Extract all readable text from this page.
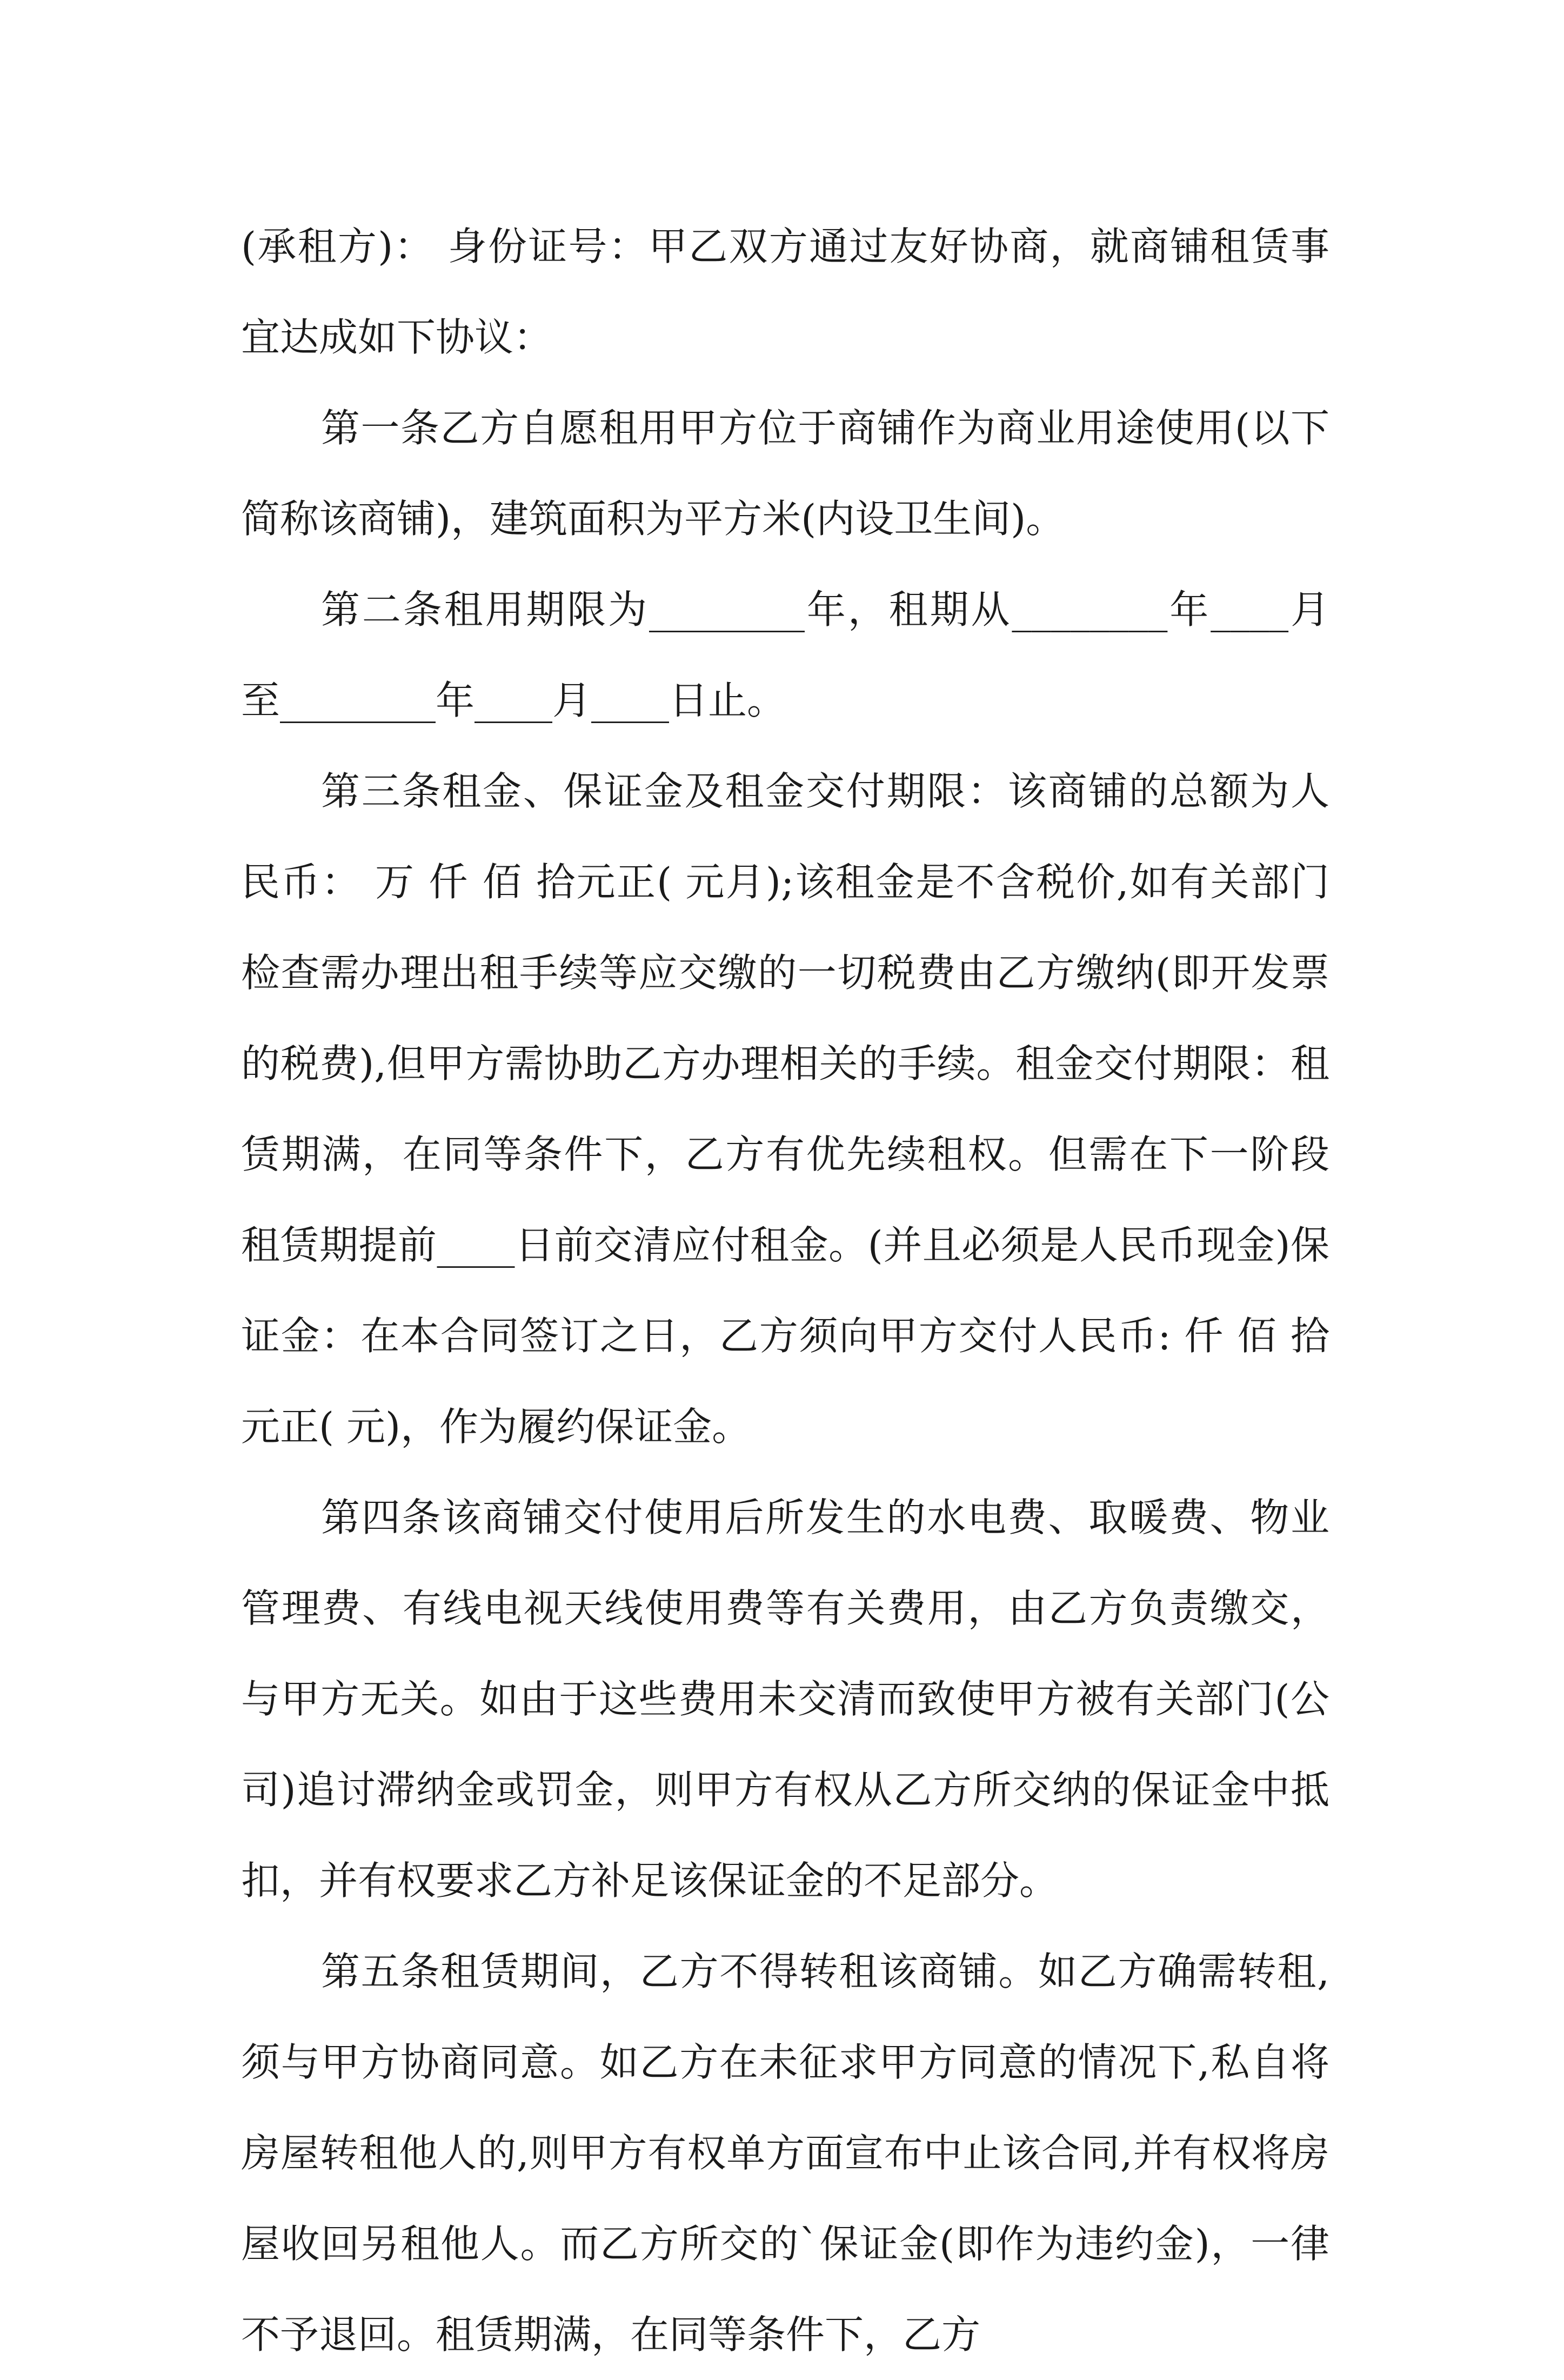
(承租方)： 身份证号：甲乙双方通过友好协商，就商铺租赁事宜达成如下协议：

第一条乙方自愿租用甲方位于商铺作为商业用途使用(以下简称该商铺)，建筑面积为平方米(内设卫生间)。

第二条租用期限为________年，租期从________年____月 至________年____月____日止。

第三条租金、保证金及租金交付期限：该商铺的总额为人民币： 万 仟 佰 拾元正( 元月);该租金是不含税价,如有关部门检查需办理出租手续等应交缴的一切税费由乙方缴纳(即开发票的税费),但甲方需协助乙方办理相关的手续。租金交付期限：租赁期满，在同等条件下，乙方有优先续租权。但需在下一阶段租赁期提前____日前交清应付租金。(并且必须是人民币现金)保证金：在本合同签订之日，乙方须向甲方交付人民币: 仟 佰 拾元正( 元)，作为履约保证金。

第四条该商铺交付使用后所发生的水电费、取暖费、物业管理费、有线电视天线使用费等有关费用，由乙方负责缴交，与甲方无关。如由于这些费用未交清而致使甲方被有关部门(公司)追讨滞纳金或罚金，则甲方有权从乙方所交纳的保证金中抵扣，并有权要求乙方补足该保证金的不足部分。

第五条租赁期间，乙方不得转租该商铺。如乙方确需转租,须与甲方协商同意。如乙方在未征求甲方同意的情况下,私自将房屋转租他人的,则甲方有权单方面宣布中止该合同,并有权将房屋收回另租他人。而乙方所交的`保证金(即作为违约金)，一律不予退回。租赁期满，在同等条件下，乙方
